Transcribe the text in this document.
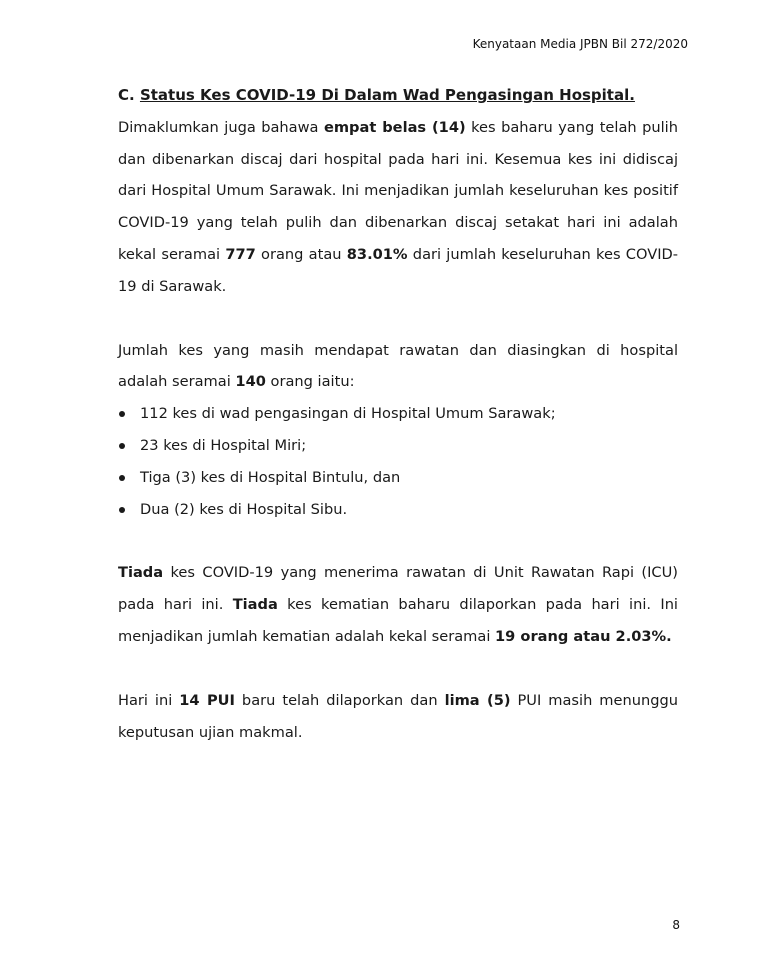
Kenyataan Media JPBN Bil 272/2020
C. Status Kes COVID-19 Di Dalam Wad Pengasingan Hospital.

Dimaklumkan juga bahawa empat belas (14) kes baharu yang telah pulih dan dibenarkan discaj dari hospital pada hari ini. Kesemua kes ini didiscaj dari Hospital Umum Sarawak. Ini menjadikan jumlah keseluruhan kes positif COVID-19 yang telah pulih dan dibenarkan discaj setakat hari ini adalah kekal seramai 777 orang atau 83.01% dari jumlah keseluruhan kes COVID-19 di Sarawak.

Jumlah kes yang masih mendapat rawatan dan diasingkan di hospital adalah seramai 140 orang iaitu:

112 kes di wad pengasingan di Hospital Umum Sarawak;
23 kes di Hospital Miri;
Tiga (3) kes di Hospital Bintulu, dan
Dua (2) kes di Hospital Sibu.

Tiada kes COVID-19 yang menerima rawatan di Unit Rawatan Rapi (ICU) pada hari ini. Tiada kes kematian baharu dilaporkan pada hari ini. Ini menjadikan jumlah kematian adalah kekal seramai 19 orang atau 2.03%.

Hari ini 14 PUI baru telah dilaporkan dan lima (5) PUI masih menunggu keputusan ujian makmal.

8
